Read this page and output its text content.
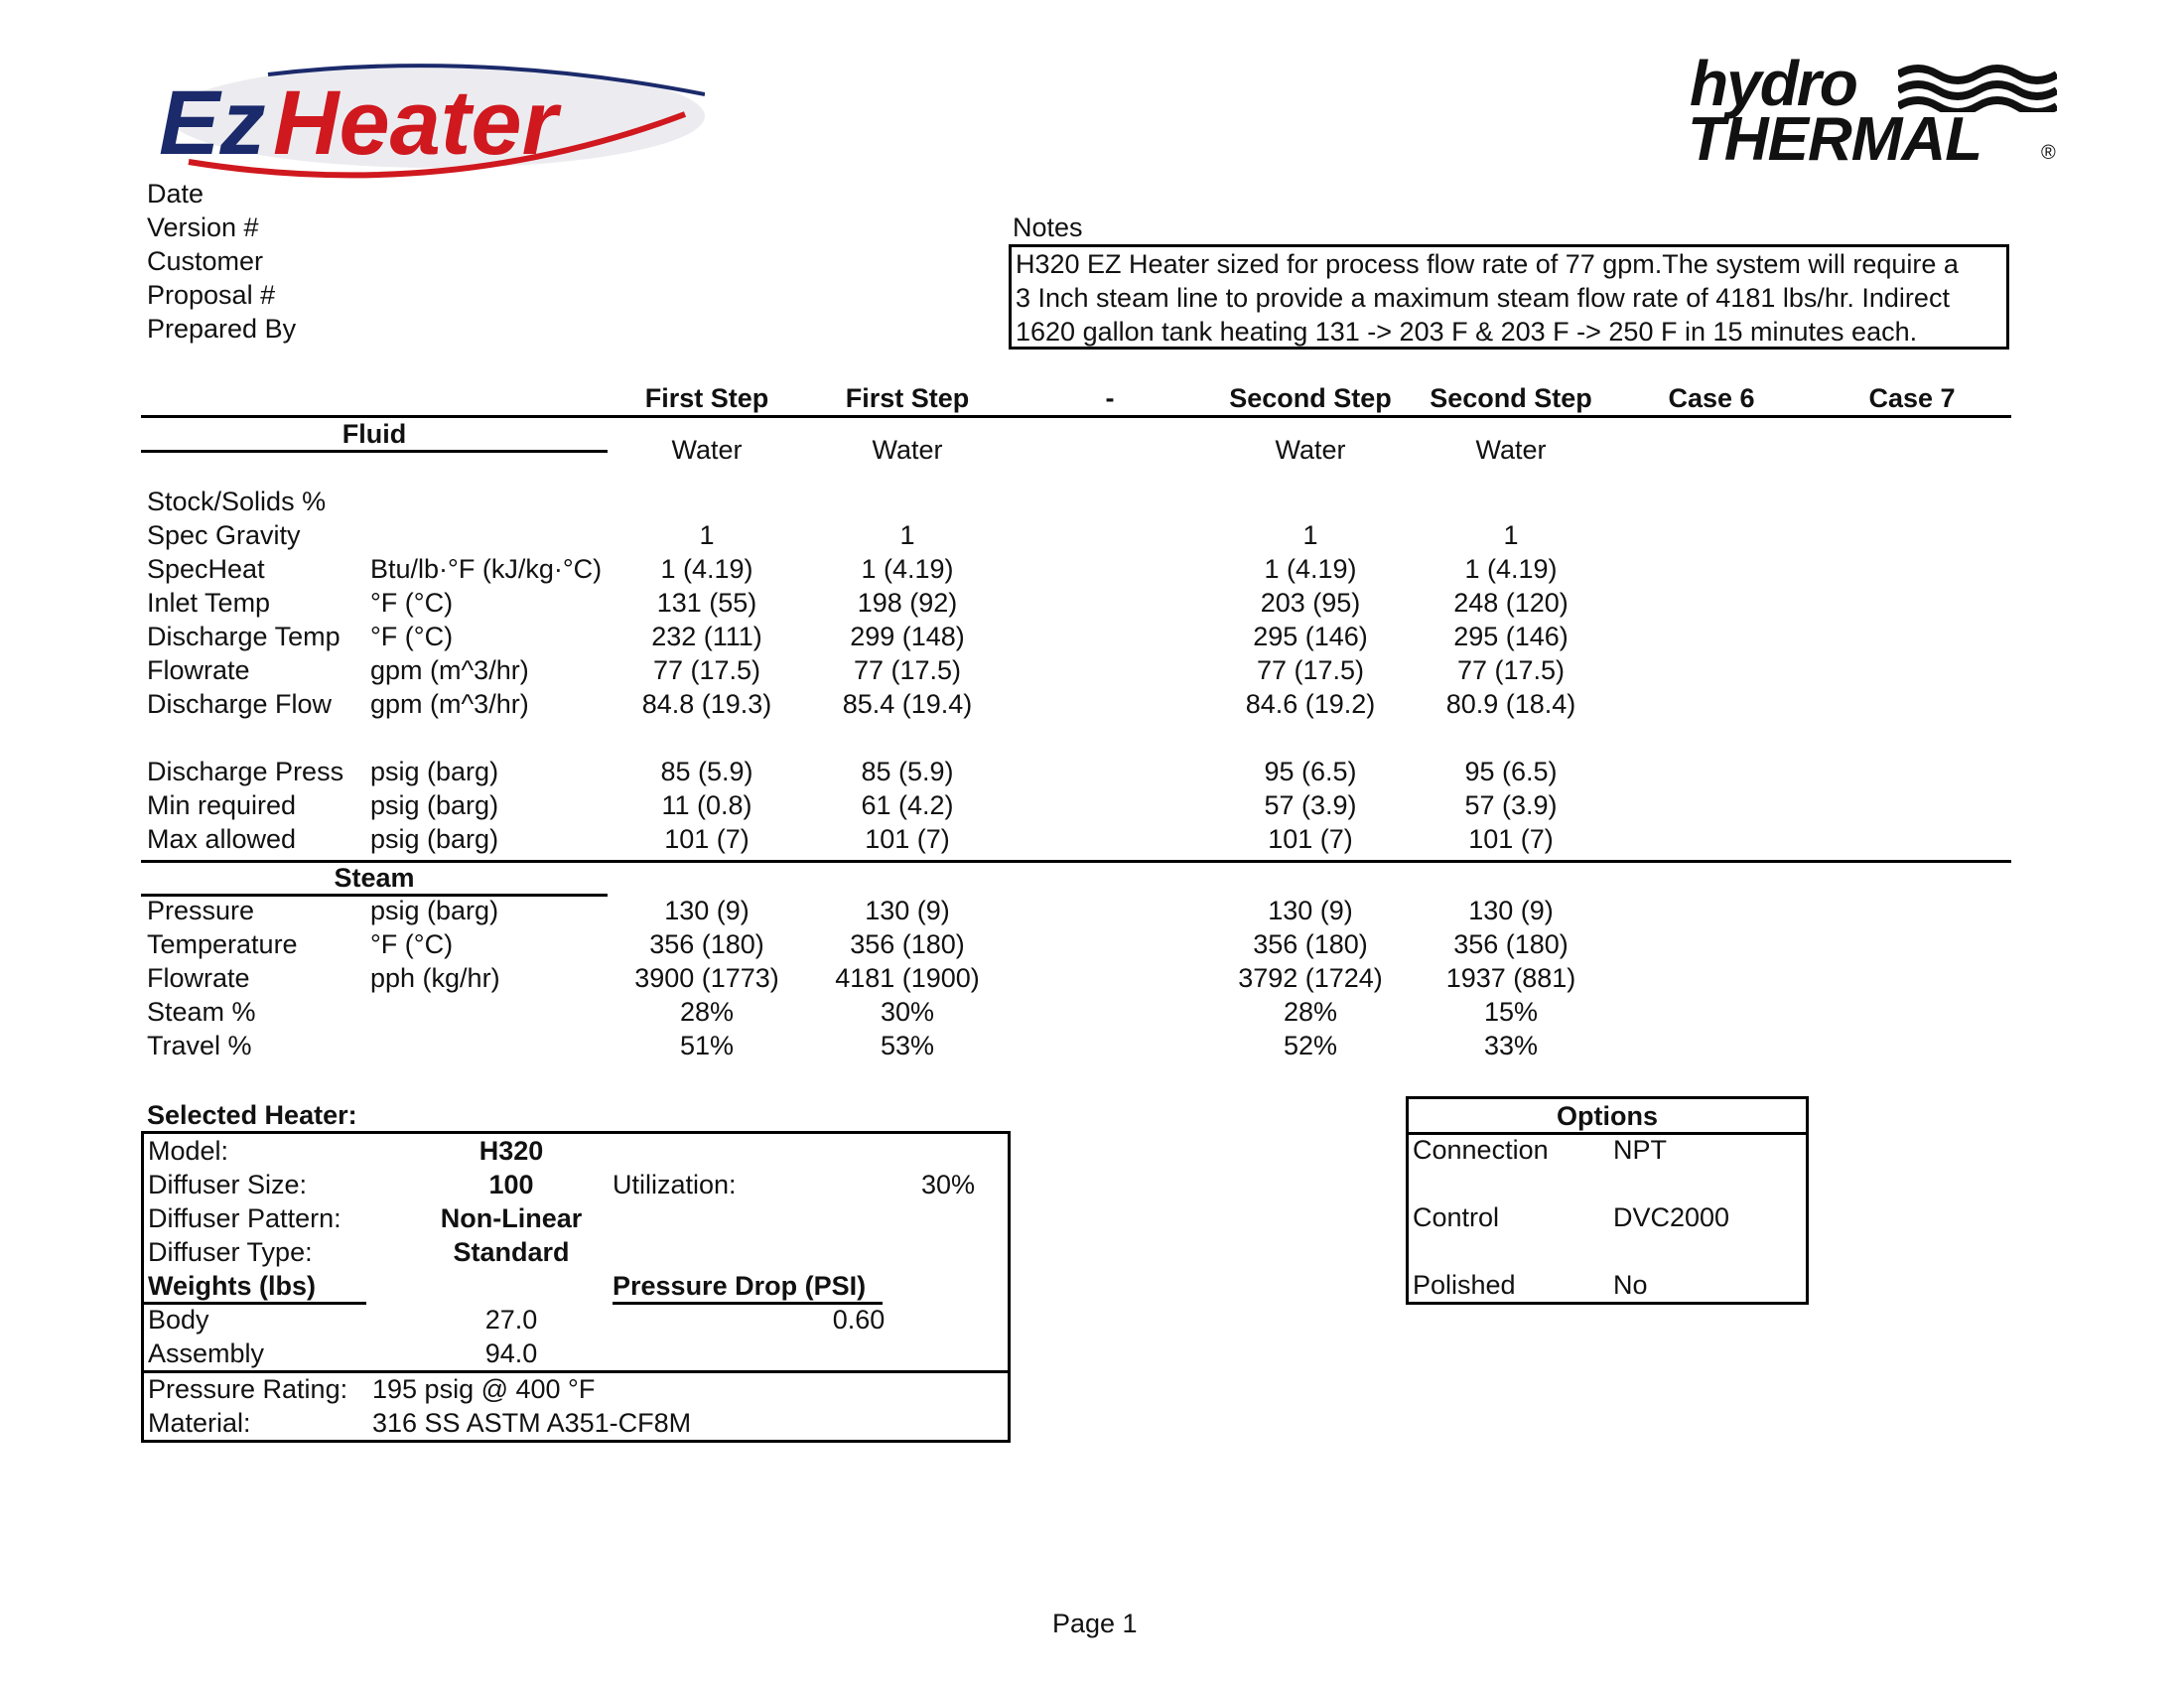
Ez Heater	hydro
THERMAL	®
Date
Version #
Customer
Proposal #
Prepared By
Notes
H320 EZ Heater sized for process flow rate of 77 gpm.The system will require a
3 Inch steam line to provide a maximum steam flow rate of 4181 lbs/hr. Indirect
1620 gallon tank heating 131 -> 203 F & 203 F -> 250 F in 15 minutes each.
First Step	First Step	-	Second Step	Second Step	Case 6	Case 7
Fluid
Water	Water	Water	Water
Stock/Solids %
Spec Gravity	1	1	1	1
SpecHeat	Btu/lb·°F (kJ/kg·°C)	1 (4.19)	1 (4.19)	1 (4.19)	1 (4.19)
Inlet Temp	°F (°C)	131 (55)	198 (92)	203 (95)	248 (120)
Discharge Temp °F (°C)	232 (111)	299 (148)	295 (146)	295 (146)
Flowrate	gpm (m^3/hr)	77 (17.5)	77 (17.5)	77 (17.5)	77 (17.5)
Discharge Flow gpm (m^3/hr)	84.8 (19.3)	85.4 (19.4)	84.6 (19.2)	80.9 (18.4)
Discharge Press psig (barg)	85 (5.9)	85 (5.9)	95 (6.5)	95 (6.5)
Min required	psig (barg)	11 (0.8)	61 (4.2)	57 (3.9)	57 (3.9)
Max allowed	psig (barg)	101 (7)	101 (7)	101 (7)	101 (7)
Steam
Pressure	psig (barg)	130 (9)	130 (9)	130 (9)	130 (9)
Temperature	°F (°C)	356 (180)	356 (180)	356 (180)	356 (180)
Flowrate	pph (kg/hr)	3900 (1773)	4181 (1900)	3792 (1724)	1937 (881)
Steam %	28%	30%	28%	15%
Travel %	51%	53%	52%	33%
Selected Heater:
Model:	H320
Diffuser Size:	100	Utilization:	30%
Diffuser Pattern:	Non-Linear
Diffuser Type:	Standard
Weights (lbs)	Pressure Drop (PSI)
Body	27.0	0.60
Assembly	94.0
Pressure Rating: 195 psig @ 400 °F
Material:	316 SS ASTM A351-CF8M
Options
Connection NPT
Control	DVC2000
Polished	No
Page 1
